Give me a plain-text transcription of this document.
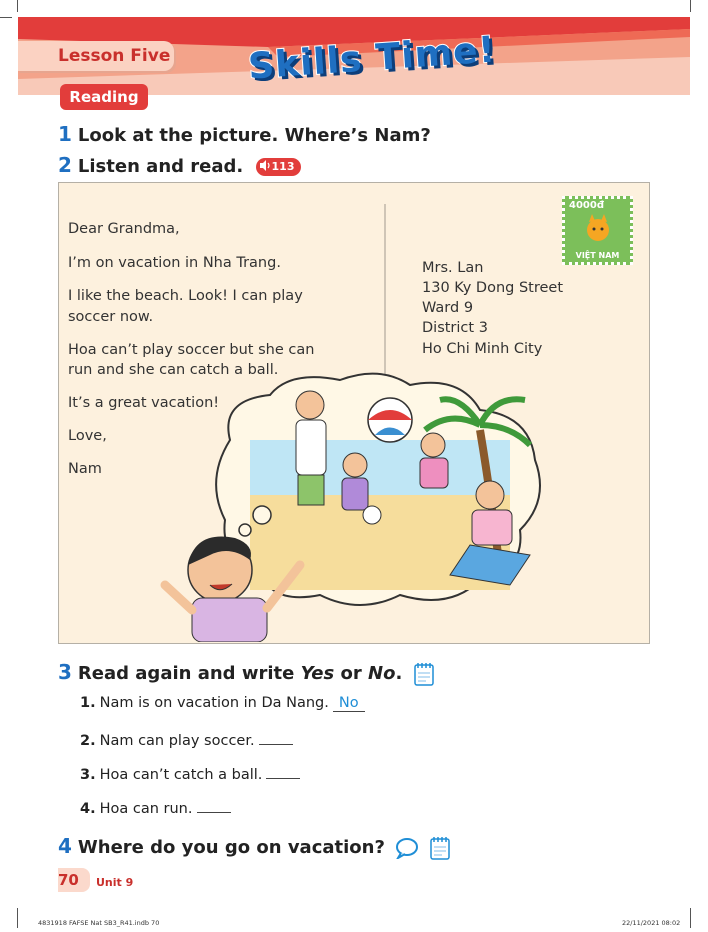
Lesson Five Skills Time!
Reading
1 Look at the picture. Where’s Nam?
2 Listen and read.	113
Dear Grandma,
I’m on vacation in Nha Trang.
I like the beach. Look! I can play
soccer now.
Hoa can’t play soccer but she can
run and she can catch a ball.
It’s a great vacation!
Love,
Nam
Mrs. Lan
130 Ky Dong Street
Ward 9
District 3
Ho Chi Minh City
4000đ
VIỆT NAM
3 Read again and write Yes or No.
1. Nam is on vacation in Da Nang. No
2. Nam can play soccer.
3. Hoa can’t catch a ball.
4. Hoa can run.
4 Where do you go on vacation?
70 Unit 9
4831918 FAFSE Nat SB3_R41.indb 70	22/11/2021 08:02
